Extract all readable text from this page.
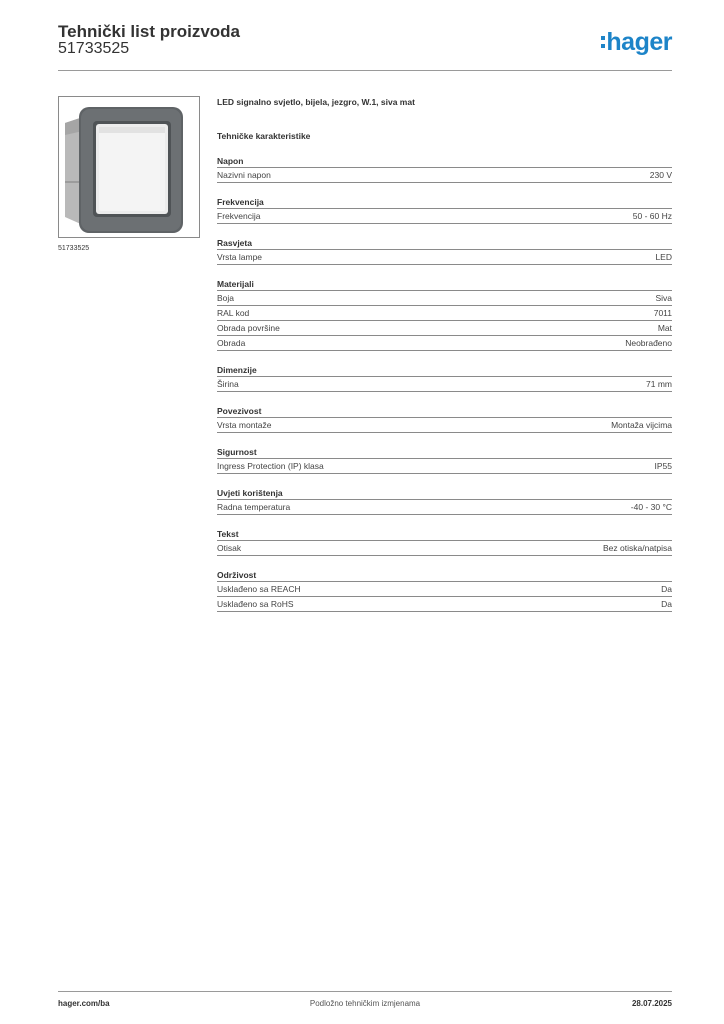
Tehnički list proizvoda
51733525	hager
51733525
LED signalno svjetlo, bijela, jezgro, W.1, siva mat
Tehničke karakteristike
Napon
Nazivni napon	230 V
Frekvencija
Frekvencija	50 - 60 Hz
Rasvjeta
Vrsta lampe	LED
Materijali
Boja	Siva
RAL kod	7011
Obrada površine	Mat
Obrada	Neobrađeno
Dimenzije
Širina	71 mm
Povezivost
Vrsta montaže	Montaža vijcima
Sigurnost
Ingress Protection (IP) klasa	IP55
Uvjeti korištenja
Radna temperatura	-40 - 30 °C
Tekst
Otisak	Bez otiska/natpisa
Održivost
Usklađeno sa REACH	Da
Usklađeno sa RoHS	Da
hager.com/ba	Podložno tehničkim izmjenama	28.07.2025
